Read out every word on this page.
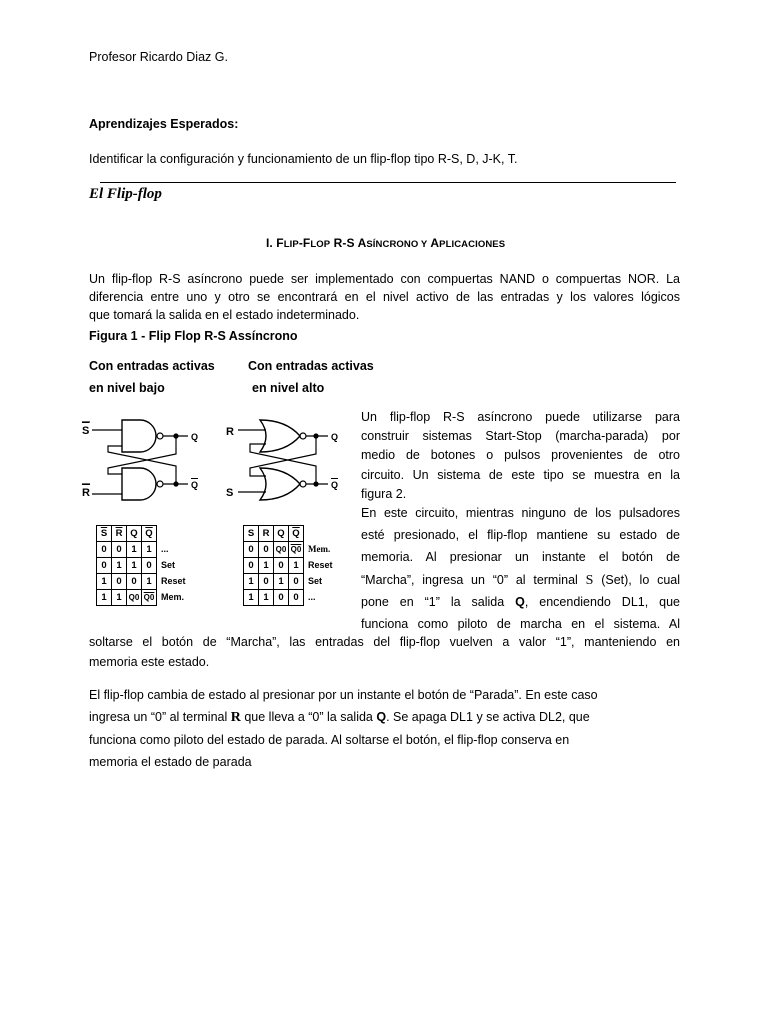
Profesor Ricardo Diaz G.
Aprendizajes Esperados:
Identificar la configuración y funcionamiento de un flip-flop tipo R-S, D, J-K, T.
El Flip-flop
I. FLIP-FLOP R-S ASÍNCRONO Y APLICACIONES
Un flip-flop R-S asíncrono puede ser implementado con compuertas NAND o compuertas NOR. La
diferencia entre uno y otro se encontrará en el nivel activo de las entradas y los valores lógicos
que tomará la salida en el estado indeterminado.
Figura 1 - Flip Flop R-S Assíncrono
Con entradas activas
en nivel bajo
Con entradas activas
en nivel alto
S
R
Q
Q
R
S
Q
Q
$\overline{S}$	$\overline{R}$	Q	$\overline{Q}$	
0	0	1	1	...
0	1	1	0	Set
1	0	0	1	Reset
1	1	Q0	Q0	Mem.
S	R	Q	$\overline{Q}$	
0	0	Q0	Q0	Mem.
0	1	0	1	Reset
1	0	1	0	Set
1	1	0	0	...
Un flip-flop R-S asíncrono puede utilizarse para
construir sistemas Start-Stop (marcha-parada) por
medio de botones o pulsos provenientes de otro
circuito. Un sistema de este tipo se muestra en la
figura 2.
En este circuito, mientras ninguno de los pulsadores
esté presionado, el flip-flop mantiene su estado de
memoria. Al presionar un instante el botón de
“Marcha”, ingresa un “0” al terminal S (Set), lo cual
pone en “1” la salida Q, encendiendo DL1, que
funciona como piloto de marcha en el sistema. Al
soltarse el botón de “Marcha”, las entradas del flip-flop vuelven a valor “1”, manteniendo en
memoria este estado.
El flip-flop cambia de estado al presionar por un instante el botón de “Parada”. En este caso
ingresa un “0” al terminal R que lleva a “0” la salida Q. Se apaga DL1 y se activa DL2, que
funciona como piloto del estado de parada. Al soltarse el botón, el flip-flop conserva en
memoria el estado de parada
